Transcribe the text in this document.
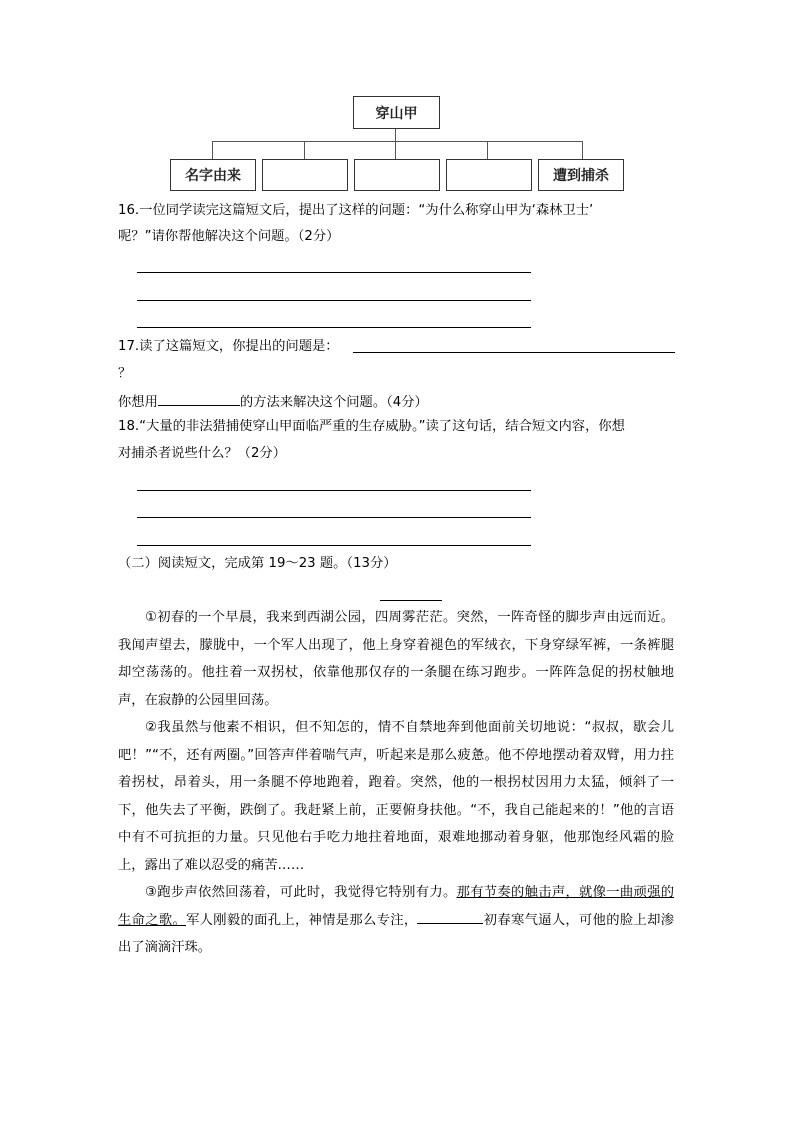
穿山甲
名字由来	遭到捕杀
16.一位同学读完这篇短文后，提出了这样的问题：“为什么称穿山甲为‘森林卫士’
呢？”请你帮他解决这个问题。（2分）
17.读了这篇短文，你提出的问题是：
？
你想用	的方法来解决这个问题。（4分）
18.“大量的非法猎捕使穿山甲面临严重的生存威胁。”读了这句话，结合短文内容，你想
对捕杀者说些什么？（2分）
（二）阅读短文，完成第 19～23 题。（13分）
①初春的一个早晨，我来到西湖公园，四周雾茫茫。突然，一阵奇怪的脚步声由远而近。我闻声望去，朦胧中，一个军人出现了，他上身穿着褪色的军绒衣，下身穿绿军裤，一条裤腿却空荡荡的。他拄着一双拐杖，依靠他那仅存的一条腿在练习跑步。一阵阵急促的拐杖触地声，在寂静的公园里回荡。
②我虽然与他素不相识，但不知怎的，情不自禁地奔到他面前关切地说：“叔叔，歇会儿吧！”“不，还有两圈。”回答声伴着喘气声，听起来是那么疲惫。他不停地摆动着双臂，用力拄着拐杖，昂着头，用一条腿不停地跑着，跑着。突然，他的一根拐杖因用力太猛，倾斜了一下，他失去了平衡，跌倒了。我赶紧上前，正要俯身扶他。“不，我自己能起来的！”他的言语中有不可抗拒的力量。只见他右手吃力地拄着地面，艰难地挪动着身躯，他那饱经风霜的脸上，露出了难以忍受的痛苦……
③跑步声依然回荡着，可此时，我觉得它特别有力。那有节奏的触击声，就像一曲顽强的生命之歌。军人刚毅的面孔上，神情是那么专注，	初春寒气逼人，可他的脸上却渗出了滴滴汗珠。
